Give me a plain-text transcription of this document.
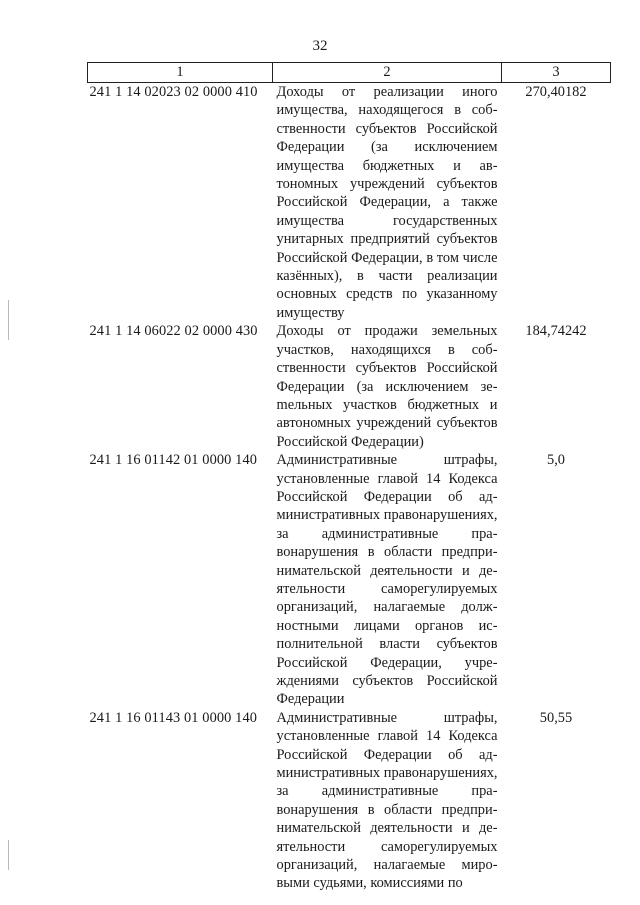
32
1	2	3
241 1 14 02023 02 0000 410	Доходы от реализации иного имущества, находящегося в собственности субъектов Российской Федерации (за исключением имущества бюджетных и автономных учреждений субъектов Российской Федерации, а также имущества государственных унитарных предприятий субъектов Российской Федерации, в том числе казённых), в части реализации основных средств по указанному имуществу	270,40182
241 1 14 06022 02 0000 430	Доходы от продажи земельных участков, находящихся в собственности субъектов Российской Федерации (за исключением зеmельных участков бюджетных и автономных учреждений субъектов Российской Федерации)	184,74242
241 1 16 01142 01 0000 140	Административные штрафы, установленные главой 14 Кодекса Российской Федерации об административных правонарушениях, за административные правонарушения в области предпринимательской деятельности и деятельности саморегулируемых организаций, налагаемые должностными лицами органов исполнительной власти субъектов Российской Федерации, учреждениями субъектов Российской Федерации	5,0
241 1 16 01143 01 0000 140	Административные штрафы, установленные главой 14 Кодекса Российской Федерации об административных правонарушениях, за административные правонарушения в области предпринимательской деятельности и деятельности саморегулируемых организаций, налагаемые мировыми судьями, комиссиями по	50,55
